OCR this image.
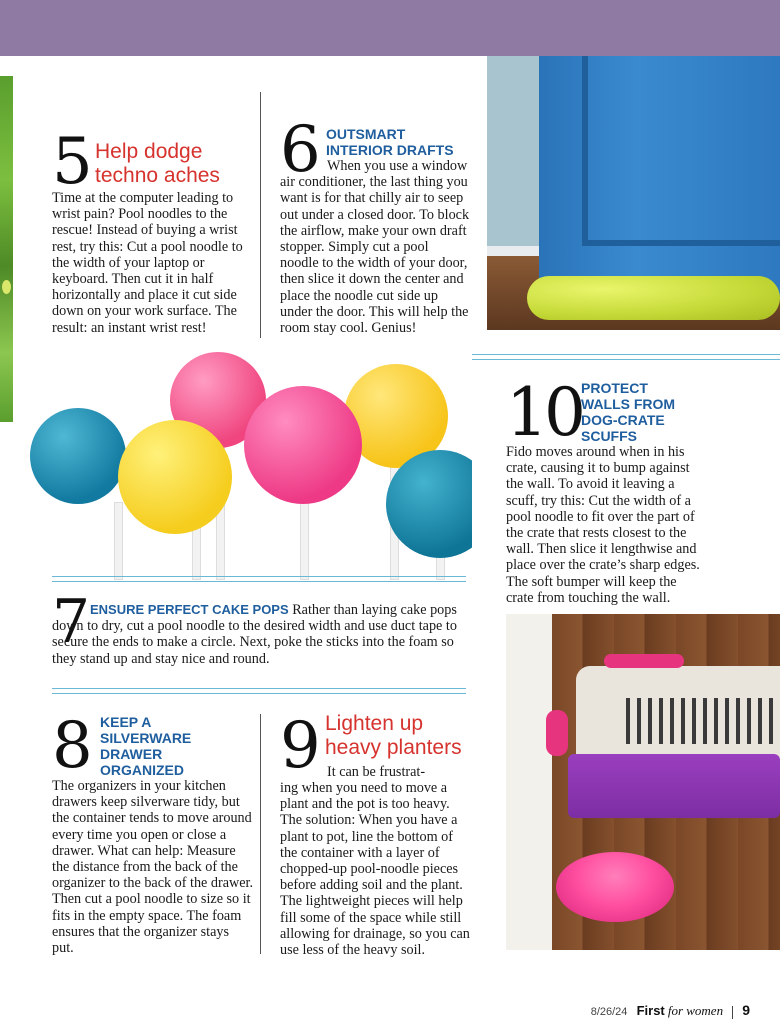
5 Help dodge
techno aches

Time at the computer leading to wrist pain? Pool noodles to the rescue! Instead of buying a wrist rest, try this: Cut a pool noodle to the width of your laptop or keyboard. Then cut it in half horizontally and place it cut side down on your work surface. The result: an instant wrist rest!

6 OUTSMART
INTERIOR DRAFTS

When you use a window air conditioner, the last thing you want is for that chilly air to seep out under a closed door. To block the airflow, make your own draft stopper. Simply cut a pool noodle to the width of your door, then slice it down the center and place the noodle cut side up under the door. This will help the room stay cool. Genius!

10 PROTECT
WALLS FROM
DOG-CRATE
SCUFFS

Fido moves around when in his crate, causing it to bump against the wall. To avoid it leaving a scuff, try this: Cut the width of a pool noodle to fit over the part of the crate that rests closest to the wall. Then slice it lengthwise and place over the crate’s sharp edges. The soft bumper will keep the crate from touching the wall.

7 ENSURE PERFECT CAKE POPS Rather than laying cake pops down to dry, cut a pool noodle to the desired width and use duct tape to secure the ends to make a circle. Next, poke the sticks into the foam so they stand up and stay nice and round.

8 KEEP A
SILVERWARE
DRAWER
ORGANIZED

The organizers in your kitchen drawers keep silverware tidy, but the container tends to move around every time you open or close a drawer. What can help: Measure the distance from the back of the organizer to the back of the drawer. Then cut a pool noodle to size so it fits in the empty space. The foam ensures that the organizer stays put.

9 Lighten up
heavy planters

It can be frustrat-

ing when you need to move a plant and the pot is too heavy. The solution: When you have a plant to pot, line the bottom of the container with a layer of chopped-up pool-noodle pieces before adding soil and the plant. The lightweight pieces will help fill some of the space while still allowing for drainage, so you can use less of the heavy soil.

8/26/24 First for women 9
